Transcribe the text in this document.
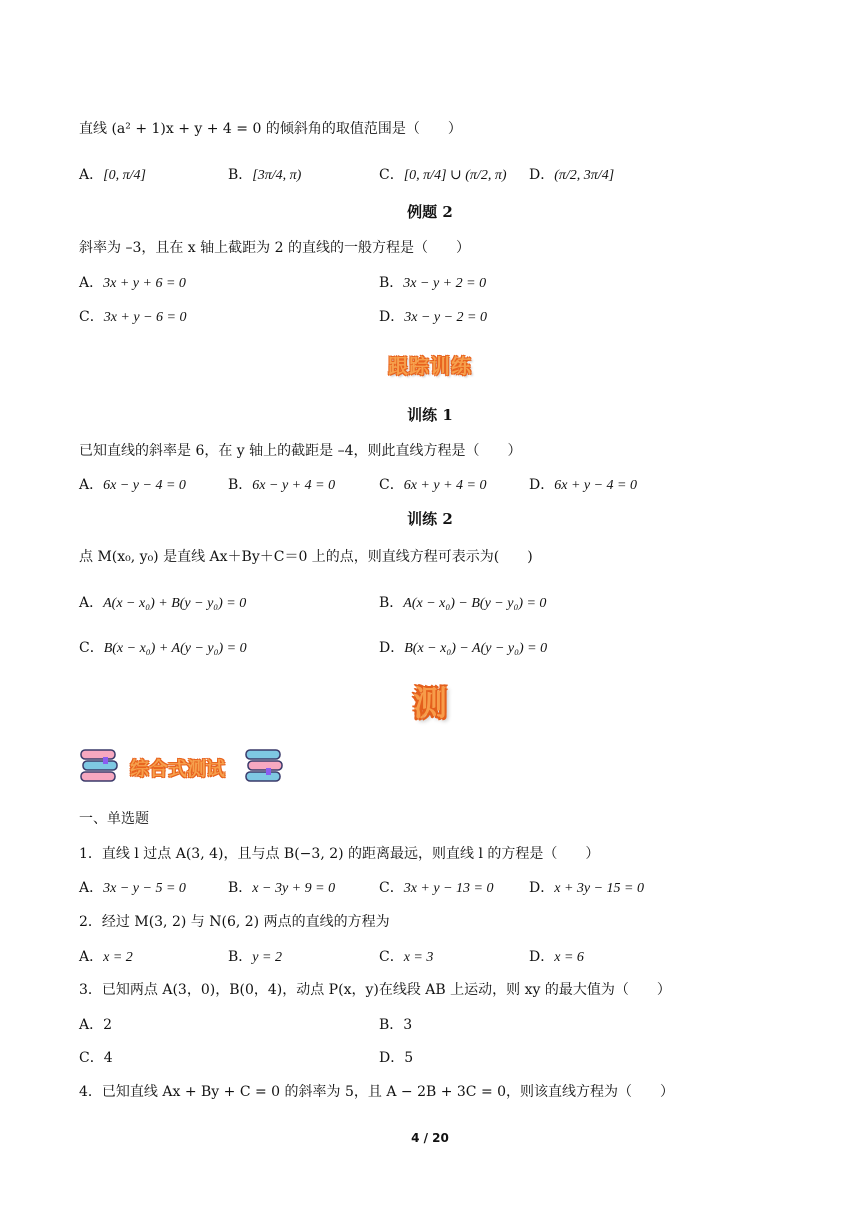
直线 (a² + 1)x + y + 4 = 0 的倾斜角的取值范围是（　　）
A．[0, π/4]	B．[3π/4, π)	C．[0, π/4] ∪ (π/2, π) D．(π/2, 3π/4]
例题 2
斜率为 –3，且在 x 轴上截距为 2 的直线的一般方程是（　　）
A．3x + y + 6 = 0	B．3x − y + 2 = 0
C．3x + y − 6 = 0	D．3x − y − 2 = 0
跟踪训练
训练 1
已知直线的斜率是 6，在 y 轴上的截距是 –4，则此直线方程是（　　）
A．6x − y − 4 = 0	B．6x − y + 4 = 0	C．6x + y + 4 = 0	D．6x + y − 4 = 0
训练 2
点 M(x₀, y₀) 是直线 Ax＋By＋C＝0 上的点，则直线方程可表示为(　　)
A．A(x − x₀) + B(y − y₀) = 0	B．A(x − x₀) − B(y − y₀) = 0
C．B(x − x₀) + A(y − y₀) = 0	D．B(x − x₀) − A(y − y₀) = 0
测
综合式测试
一、单选题
1．直线 l 过点 A(3, 4)，且与点 B(−3, 2) 的距离最远，则直线 l 的方程是（　　）
A．3x − y − 5 = 0	B．x − 3y + 9 = 0	C．3x + y − 13 = 0	D．x + 3y − 15 = 0
2．经过 M(3, 2) 与 N(6, 2) 两点的直线的方程为
A．x = 2	B．y = 2	C．x = 3	D．x = 6
3．已知两点 A(3，0)，B(0，4)，动点 P(x，y)在线段 AB 上运动，则 xy 的最大值为（　　）
A．2	B．3
C．4	D．5
4．已知直线 Ax + By + C = 0 的斜率为 5，且 A − 2B + 3C = 0，则该直线方程为（　　）
4 / 20
